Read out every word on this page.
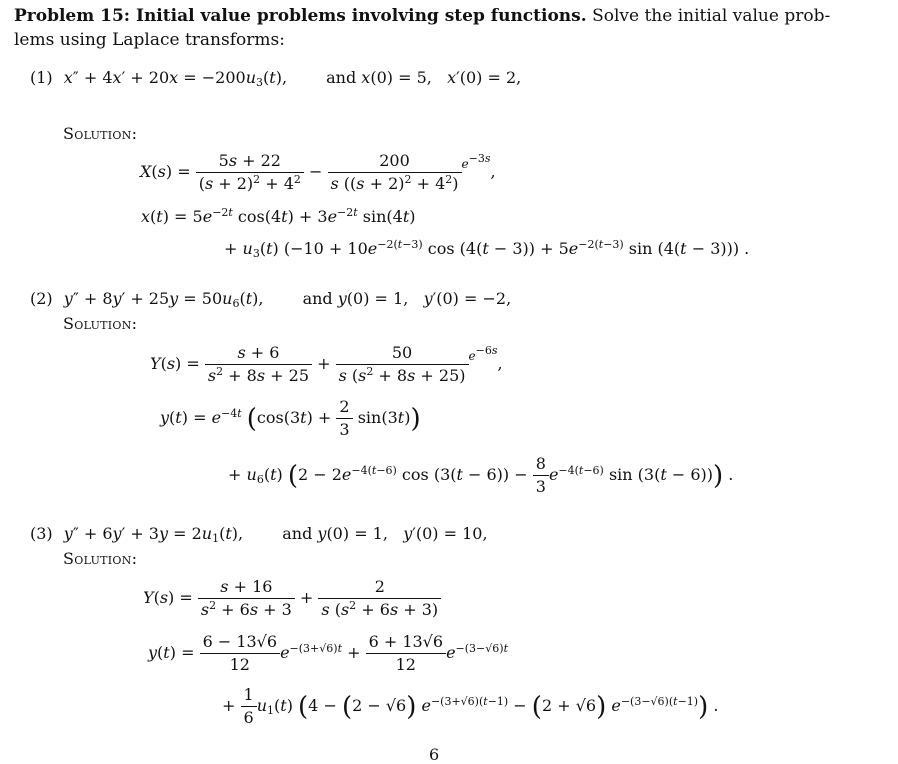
Problem 15: Initial value problems involving step functions. Solve the initial value prob-
lems using Laplace transforms:
(1) $x'' + 4x' + 20x = -200u_3(t)$, and x(0) = 5,   x′(0) = 2,
Solution:
$X(s) = \frac{5s + 22}{(s + 2)^2 + 4^2} - \frac{200}{s ((s + 2)^2 + 4^2)} ^{e^{-3s}}$,
$x(t) = 5e^{-2t}$ $\cos(4t) + 3e^{-2t}$ sin(4t)
+ $u_3(t) (-10 + 10e^{-2(t-3)}$ $\cos (4(t - 3)) + 5e^{-2(t-3)}$ sin (4(t − 3))) .
(2) $y'' + 8y' + 25y = 50u_6(t)$, and y(0) = 1,   y′(0) = −2,
Solution:
$Y(s) = \frac{s + 6}{s^2 + 8s + 25} + \frac{50}{s (s^2 + 8s + 25)} ^{e^{-6s}}$,
$y(t) = e^{-4t}$ $(\cos(3t) + \frac{2}{3} \sin(3t))$
+ $u_6(t) (2 - 2e^{-4(t-6)}$ $\cos (3(t - 6)) - \frac{8}{3} e^{-4(t-6)}$ sin (3(t − 6))) .
(3) $y'' + 6y' + 3y = 2u_1(t)$, and y(0) = 1,   y′(0) = 10,
Solution:
$Y(s) = \frac{s + 16}{s^2 + 6s + 3} + \frac{2}{s (s^2 + 6s + 3)}$
$y(t) = \frac{6 - 13√6}{12} e^{-(3+√6)t} + \frac{6 + 13√6}{12} e^{-(3-√6)t}$
+ $\frac{1}{6} u_1(t) (4 - (2 - √6) e^{-(3+√6)(t-1)} - (2 + √6)$ $e^{-(3-√6)(t-1)}$) .
6
